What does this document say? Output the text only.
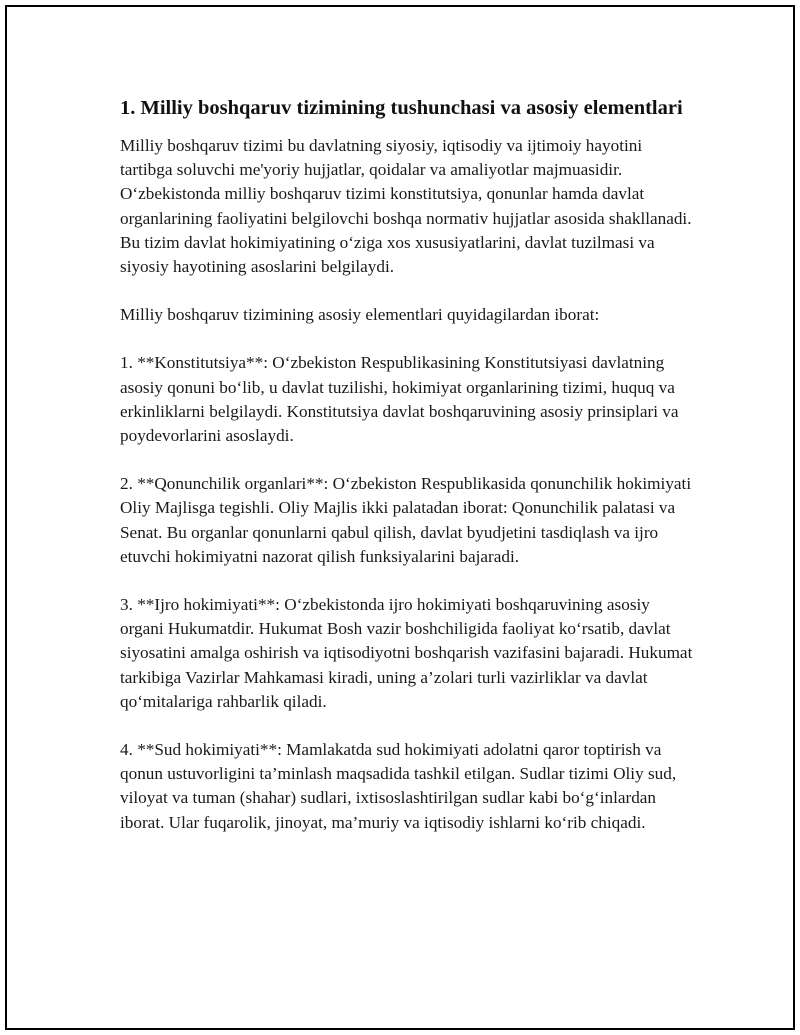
1. Milliy boshqaruv tizimining tushunchasi va asosiy elementlari

Milliy boshqaruv tizimi bu davlatning siyosiy, iqtisodiy va ijtimoiy hayotini tartibga soluvchi me'yoriy hujjatlar, qoidalar va amaliyotlar majmuasidir. O‘zbekistonda milliy boshqaruv tizimi konstitutsiya, qonunlar hamda davlat organlarining faoliyatini belgilovchi boshqa normativ hujjatlar asosida shakllanadi. Bu tizim davlat hokimiyatining o‘ziga xos xususiyatlarini, davlat tuzilmasi va siyosiy hayotining asoslarini belgilaydi.

Milliy boshqaruv tizimining asosiy elementlari quyidagilardan iborat:

1. **Konstitutsiya**: O‘zbekiston Respublikasining Konstitutsiyasi davlatning asosiy qonuni bo‘lib, u davlat tuzilishi, hokimiyat organlarining tizimi, huquq va erkinliklarni belgilaydi. Konstitutsiya davlat boshqaruvining asosiy prinsiplari va poydevorlarini asoslaydi.

2. **Qonunchilik organlari**: O‘zbekiston Respublikasida qonunchilik hokimiyati Oliy Majlisga tegishli. Oliy Majlis ikki palatadan iborat: Qonunchilik palatasi va Senat. Bu organlar qonunlarni qabul qilish, davlat byudjetini tasdiqlash va ijro etuvchi hokimiyatni nazorat qilish funksiyalarini bajaradi.

3. **Ijro hokimiyati**: O‘zbekistonda ijro hokimiyati boshqaruvining asosiy organi Hukumatdir. Hukumat Bosh vazir boshchiligida faoliyat ko‘rsatib, davlat siyosatini amalga oshirish va iqtisodiyotni boshqarish vazifasini bajaradi. Hukumat tarkibiga Vazirlar Mahkamasi kiradi, uning a’zolari turli vazirliklar va davlat qo‘mitalariga rahbarlik qiladi.

4. **Sud hokimiyati**: Mamlakatda sud hokimiyati adolatni qaror toptirish va qonun ustuvorligini ta’minlash maqsadida tashkil etilgan. Sudlar tizimi Oliy sud, viloyat va tuman (shahar) sudlari, ixtisoslashtirilgan sudlar kabi bo‘g‘inlardan iborat. Ular fuqarolik, jinoyat, ma’muriy va iqtisodiy ishlarni ko‘rib chiqadi.
